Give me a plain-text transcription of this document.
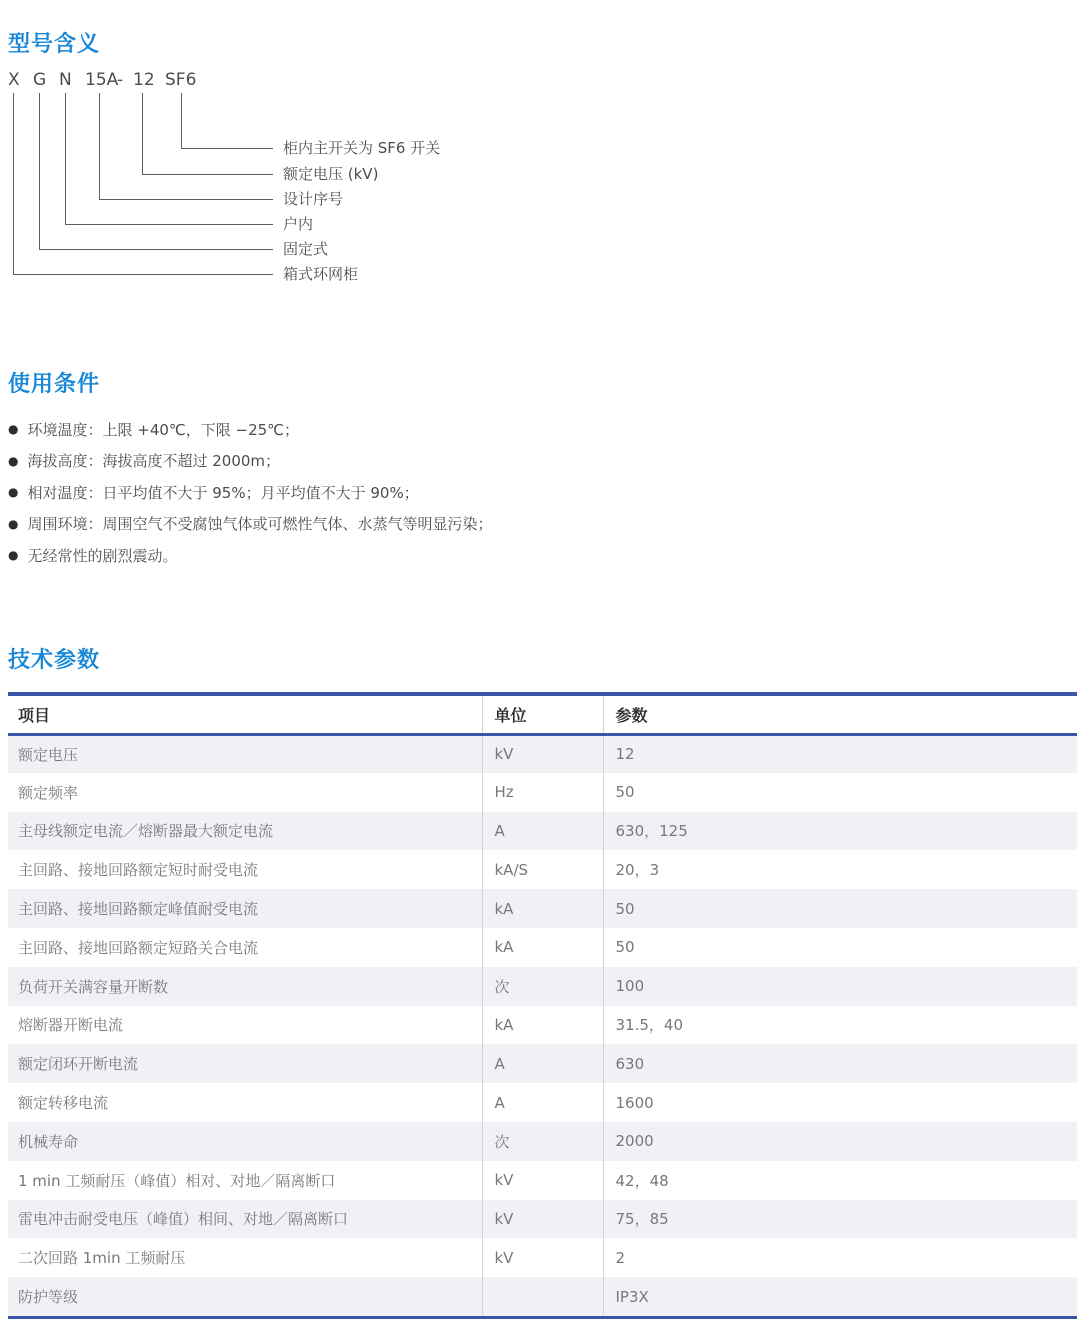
型号含义
X G N 15A
- 12 SF6
箱式环网柜
固定式
户内
设计序号
额定电压 (kV)
柜内主开关为 SF6 开关
使用条件
● 环境温度：上限 +40℃，下限 −25℃；
● 海拔高度：海拔高度不超过 2000m；
● 相对温度：日平均值不大于 95%；月平均值不大于 90%；
● 周围环境：周围空气不受腐蚀气体或可燃性气体、水蒸气等明显污染；
● 无经常性的剧烈震动。
技术参数
项目	单位	参数
额定电压	kV	12
额定频率	Hz	50
主母线额定电流／熔断器最大额定电流	A	630，125
主回路、接地回路额定短时耐受电流	kA/S	20，3
主回路、接地回路额定峰值耐受电流	kA	50
主回路、接地回路额定短路关合电流	kA	50
负荷开关满容量开断数	次	100
熔断器开断电流	kA	31.5，40
额定闭环开断电流	A	630
额定转移电流	A	1600
机械寿命	次	2000
1 min 工频耐压（峰值）相对、对地／隔离断口	kV	42，48
雷电冲击耐受电压（峰值）相间、对地／隔离断口	kV	75，85
二次回路 1min 工频耐压	kV	2
防护等级		IP3X
